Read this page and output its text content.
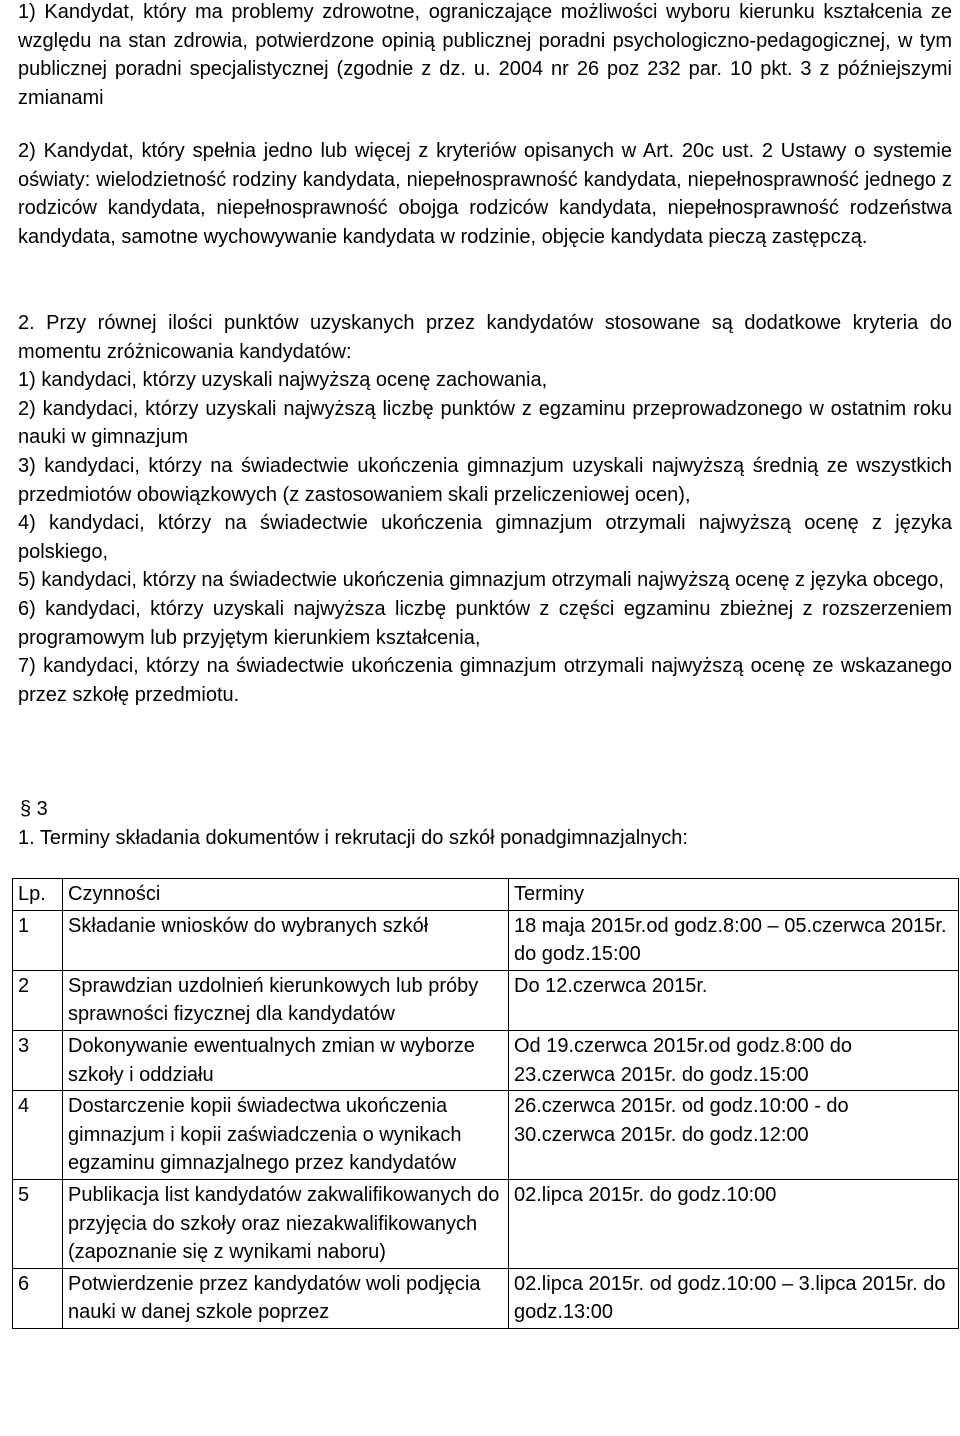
1) Kandydat, który ma problemy zdrowotne, ograniczające możliwości wyboru kierunku kształcenia ze względu na stan zdrowia, potwierdzone opinią publicznej poradni psychologiczno-pedagogicznej, w tym publicznej poradni specjalistycznej (zgodnie z dz. u. 2004 nr 26 poz 232 par. 10 pkt. 3 z późniejszymi zmianami

2) Kandydat, który spełnia jedno lub więcej z kryteriów opisanych w Art. 20c ust. 2 Ustawy o systemie oświaty: wielodzietność rodziny kandydata, niepełnosprawność kandydata, niepełnosprawność jednego z rodziców kandydata, niepełnosprawność obojga rodziców kandydata, niepełnosprawność rodzeństwa kandydata, samotne wychowywanie kandydata w rodzinie, objęcie kandydata pieczą zastępczą.

2. Przy równej ilości punktów uzyskanych przez kandydatów stosowane są dodatkowe kryteria do momentu zróżnicowania kandydatów:

1) kandydaci, którzy uzyskali najwyższą ocenę zachowania,

2) kandydaci, którzy uzyskali najwyższą liczbę punktów z egzaminu przeprowadzonego w ostatnim roku nauki w gimnazjum

3) kandydaci, którzy na świadectwie ukończenia gimnazjum uzyskali najwyższą średnią ze wszystkich przedmiotów obowiązkowych (z zastosowaniem skali przeliczeniowej ocen),

4) kandydaci, którzy na świadectwie ukończenia gimnazjum otrzymali najwyższą ocenę z języka polskiego,

5) kandydaci, którzy na świadectwie ukończenia gimnazjum otrzymali najwyższą ocenę z języka obcego,

6) kandydaci, którzy uzyskali najwyższa liczbę punktów z części egzaminu zbieżnej z rozszerzeniem programowym lub przyjętym kierunkiem kształcenia,

7) kandydaci, którzy na świadectwie ukończenia gimnazjum otrzymali najwyższą ocenę ze wskazanego przez szkołę przedmiotu.

§ 3

1. Terminy składania dokumentów i rekrutacji do szkół ponadgimnazjalnych:

Lp.	Czynności	Terminy
1	Składanie wniosków do wybranych szkół	18 maja 2015r.od godz.8:00 – 05.czerwca 2015r. do godz.15:00
2	Sprawdzian uzdolnień kierunkowych lub próby sprawności fizycznej dla kandydatów	Do 12.czerwca 2015r.
3	Dokonywanie ewentualnych zmian w wyborze szkoły i oddziału	Od 19.czerwca 2015r.od godz.8:00 do 23.czerwca 2015r. do godz.15:00
4	Dostarczenie kopii świadectwa ukończenia gimnazjum i kopii zaświadczenia o wynikach egzaminu gimnazjalnego przez kandydatów	26.czerwca 2015r. od godz.10:00 - do 30.czerwca 2015r. do godz.12:00
5	Publikacja list kandydatów zakwalifikowanych do przyjęcia do szkoły oraz niezakwalifikowanych (zapoznanie się z wynikami naboru)	02.lipca 2015r. do godz.10:00
6	Potwierdzenie przez kandydatów woli podjęcia nauki w danej szkole poprzez	02.lipca 2015r. od godz.10:00 – 3.lipca 2015r. do godz.13:00
